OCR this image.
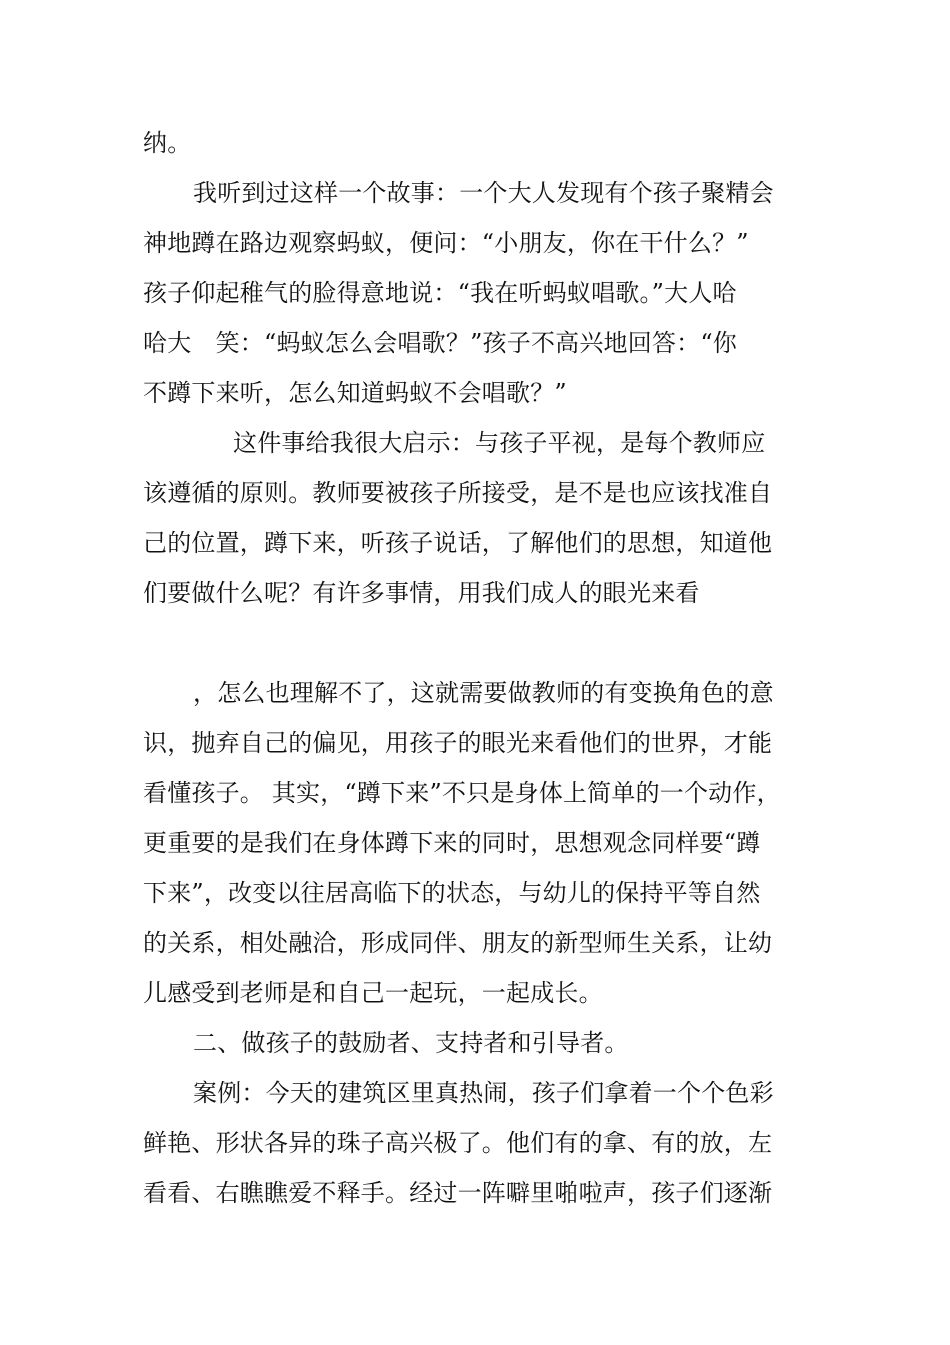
纳。
我听到过这样一个故事：一个大人发现有个孩子聚精会
神地蹲在路边观察蚂蚁，便问：“小朋友，你在干什么？”
孩子仰起稚气的脸得意地说：“我在听蚂蚁唱歌。”大人哈
哈大　笑：“蚂蚁怎么会唱歌？”孩子不高兴地回答：“你
不蹲下来听，怎么知道蚂蚁不会唱歌？”
这件事给我很大启示：与孩子平视，是每个教师应
该遵循的原则。教师要被孩子所接受，是不是也应该找准自
己的位置，蹲下来，听孩子说话，了解他们的思想，知道他
们要做什么呢？有许多事情，用我们成人的眼光来看
，怎么也理解不了，这就需要做教师的有变换角色的意
识，抛弃自己的偏见，用孩子的眼光来看他们的世界，才能
看懂孩子。 其实，“蹲下来”不只是身体上简单的一个动作，
更重要的是我们在身体蹲下来的同时，思想观念同样要“蹲
下来”，改变以往居高临下的状态，与幼儿的保持平等自然
的关系，相处融洽，形成同伴、朋友的新型师生关系，让幼
儿感受到老师是和自己一起玩，一起成长。
二、做孩子的鼓励者、支持者和引导者。
案例：今天的建筑区里真热闹，孩子们拿着一个个色彩
鲜艳、形状各异的珠子高兴极了。他们有的拿、有的放，左
看看、右瞧瞧爱不释手。经过一阵噼里啪啦声，孩子们逐渐
